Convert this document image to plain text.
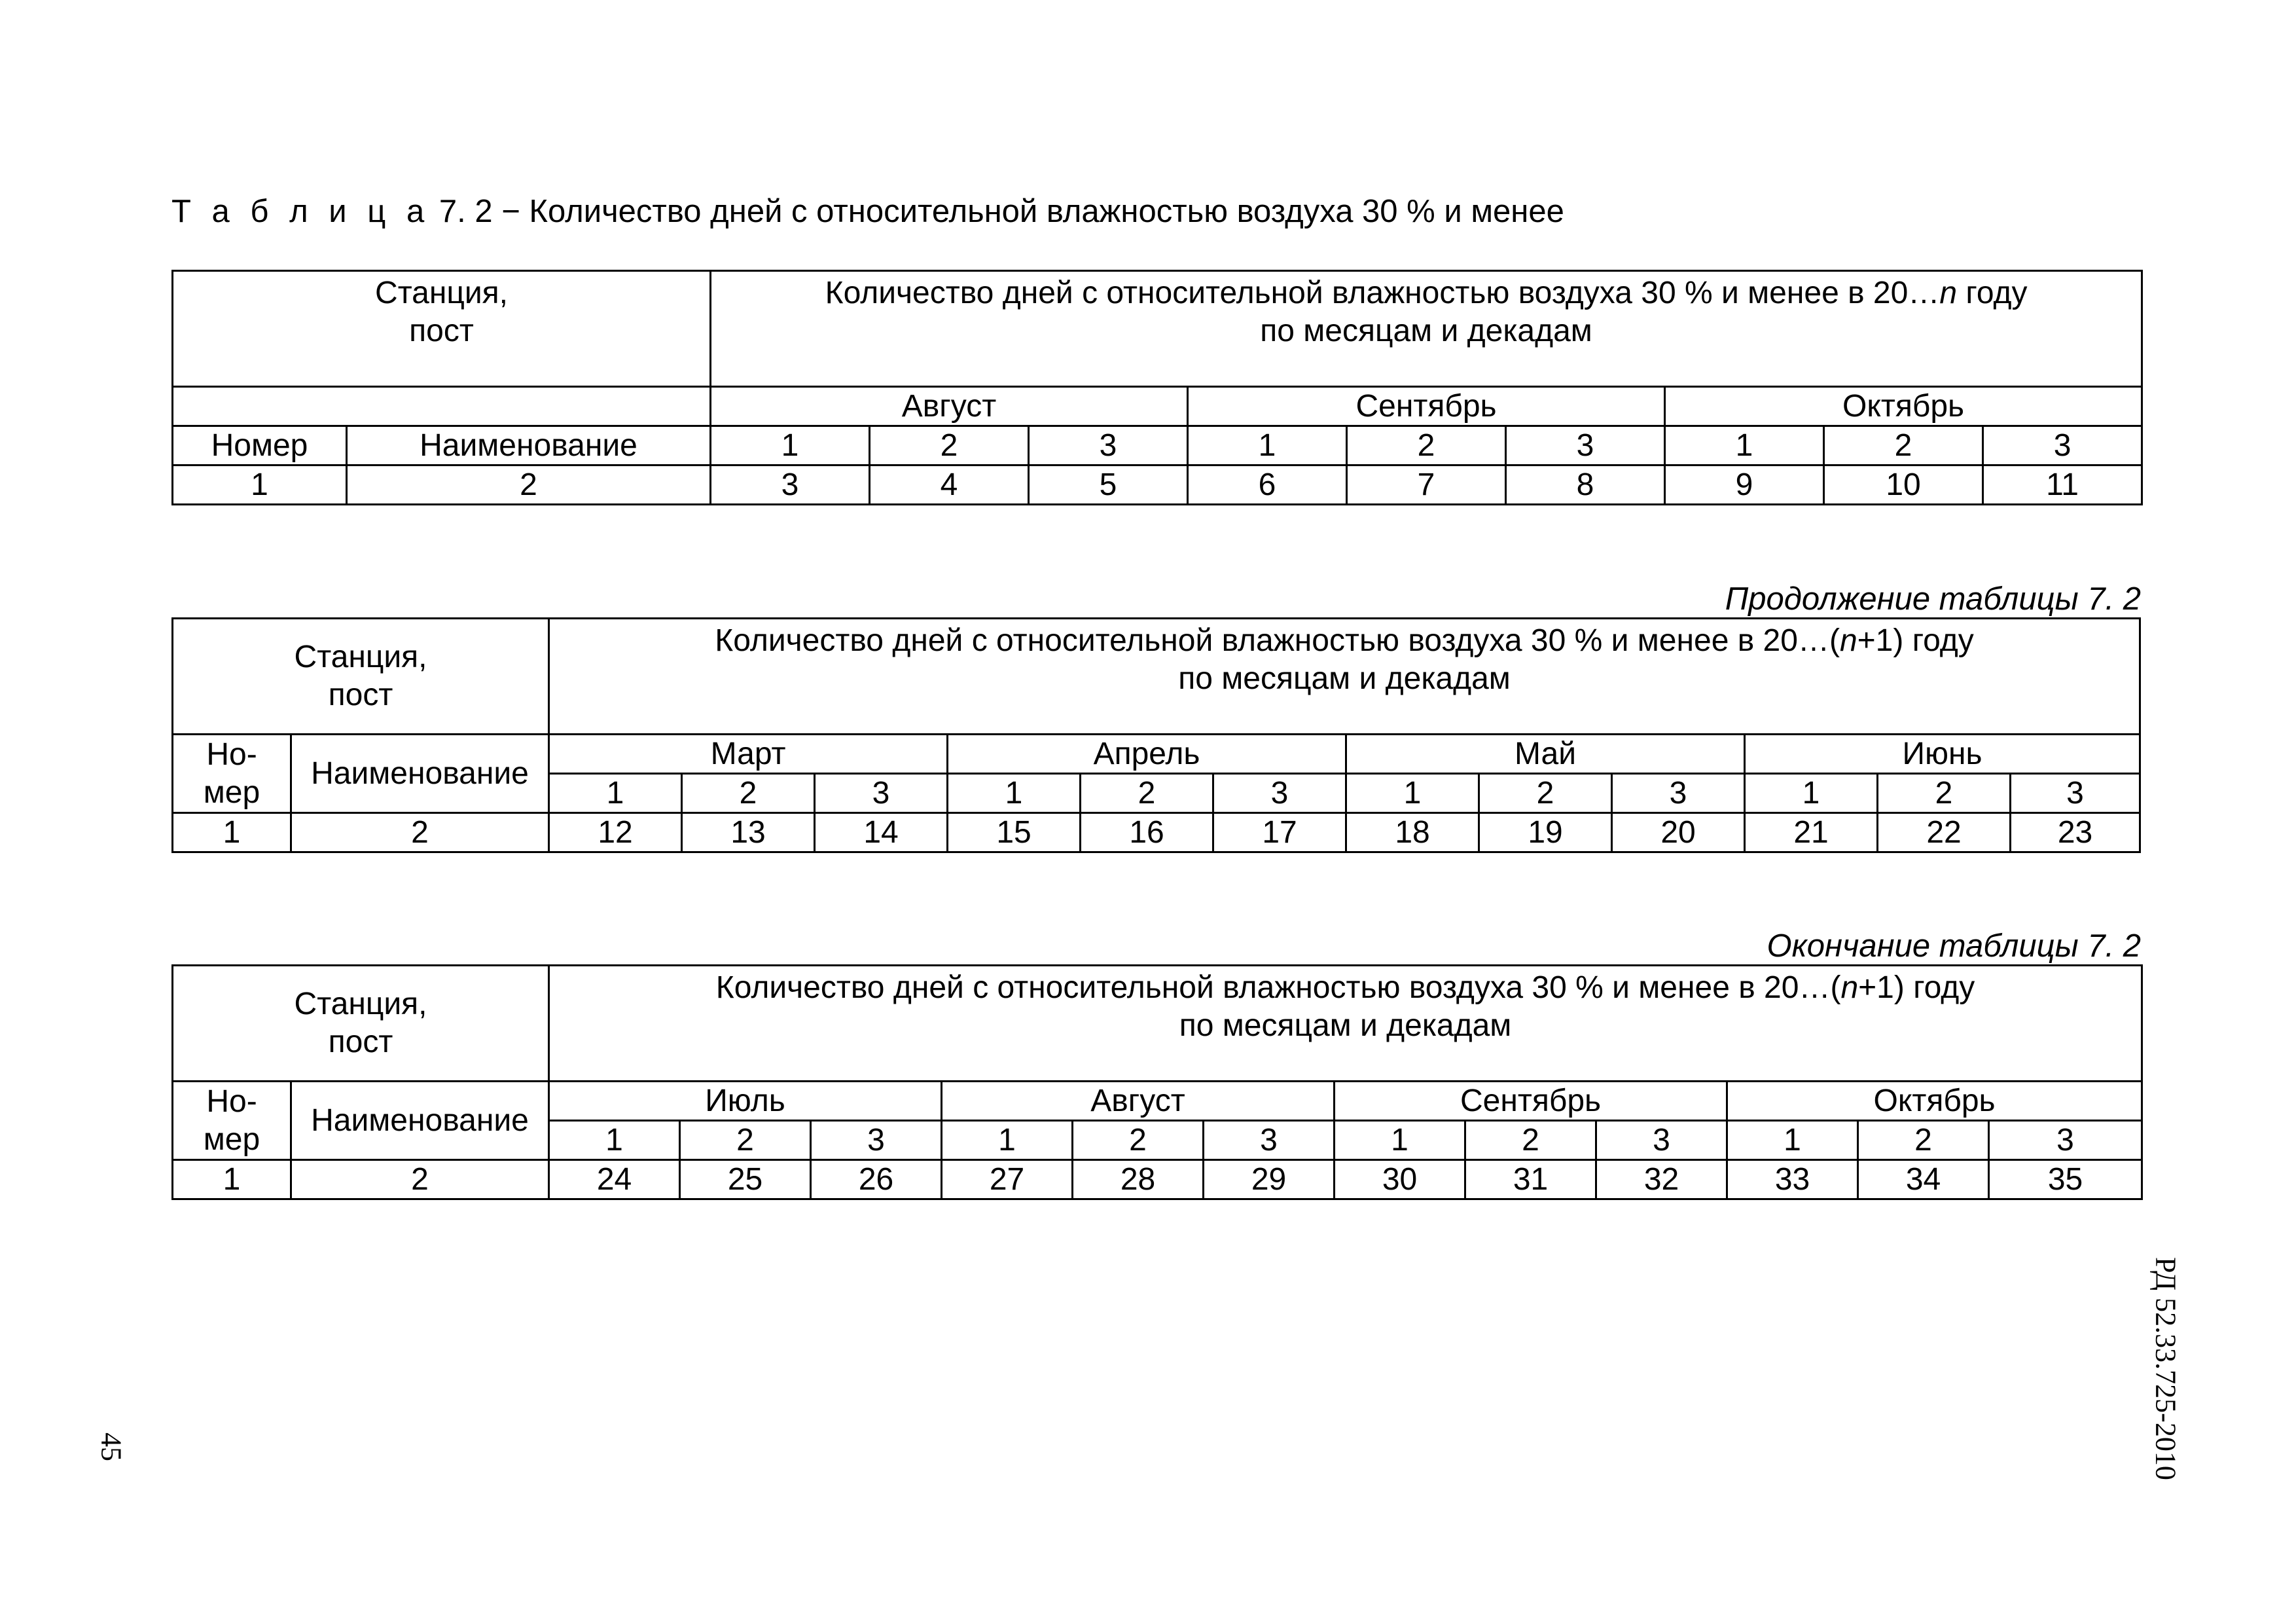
Т а б л и ц а 7. 2 − Количество дней с относительной влажностью воздуха 30 % и менее
Станция,
пост		Количество дней с относительной влажностью воздуха 30 % и менее в 20…n году
по месяцам и декадам								

		Август			Сентябрь			Октябрь		
Номер	Наименование	1	2	3	1	2	3	1	2	3
1	2	3	4	5	6	7	8	9	10	11
Продолжение таблицы 7. 2
Станция,
пост		Количество дней с относительной влажностью воздуха 30 % и менее в 20…(n+1) году
по месяцам и декадам											

Но-
мер	Наименование	Март			Апрель			Май			Июнь		
		1	2	3	1	2	3	1	2	3	1	2	3
1	2	12	13	14	15	16	17	18	19	20	21	22	23
Окончание таблицы 7. 2
Станция,
пост		Количество дней с относительной влажностью воздуха 30 % и менее в 20…(n+1) году
по месяцам и декадам											

Но-
мер	Наименование	Июль			Август			Сентябрь			Октябрь		
		1	2	3	1	2	3	1	2	3	1	2	3
1	2	24	25	26	27	28	29	30	31	32	33	34	35
РД 52.33.725-2010
45
